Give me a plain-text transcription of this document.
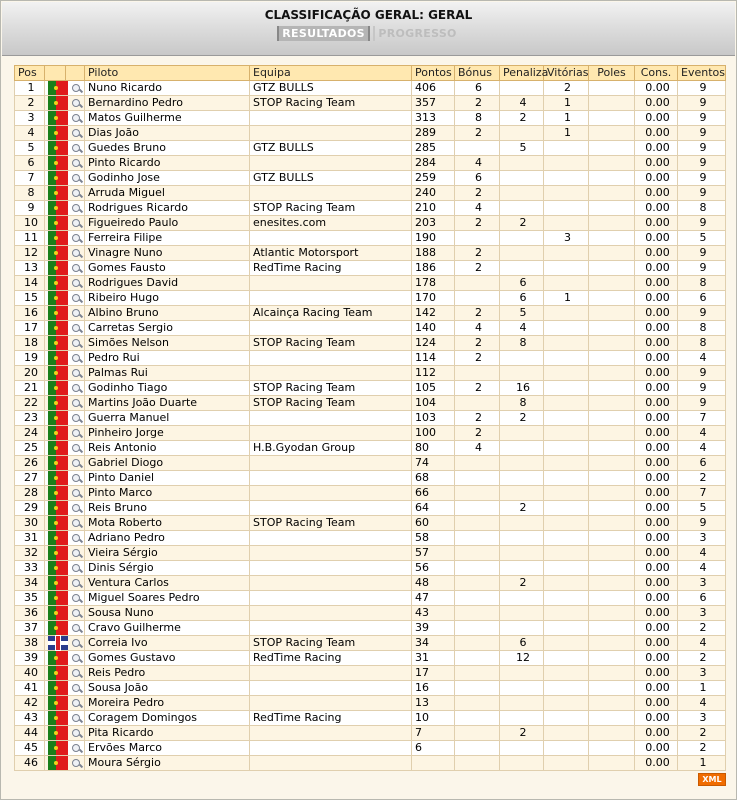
CLASSIFICAÇÃO GERAL: GERAL
RESULTADOS PROGRESSO
Pos			Piloto	Equipa	Pontos	Bónus	Penaliza	Vitórias	Poles	Cons.	Eventos
1			Nuno Ricardo	GTZ BULLS	406	6		2		0.00	9
2			Bernardino Pedro	STOP Racing Team	357	2	4	1		0.00	9
3			Matos Guilherme		313	8	2	1		0.00	9
4			Dias João		289	2		1		0.00	9
5			Guedes Bruno	GTZ BULLS	285		5			0.00	9
6			Pinto Ricardo		284	4				0.00	9
7			Godinho Jose	GTZ BULLS	259	6				0.00	9
8			Arruda Miguel		240	2				0.00	9
9			Rodrigues Ricardo	STOP Racing Team	210	4				0.00	8
10			Figueiredo Paulo	enesites.com	203	2	2			0.00	9
11			Ferreira Filipe		190			3		0.00	5
12			Vinagre Nuno	Atlantic Motorsport	188	2				0.00	9
13			Gomes Fausto	RedTime Racing	186	2				0.00	9
14			Rodrigues David		178		6			0.00	8
15			Ribeiro Hugo		170		6	1		0.00	6
16			Albino Bruno	Alcainça Racing Team	142	2	5			0.00	9
17			Carretas Sergio		140	4	4			0.00	8
18			Simões Nelson	STOP Racing Team	124	2	8			0.00	8
19			Pedro Rui		114	2				0.00	4
20			Palmas Rui		112					0.00	9
21			Godinho Tiago	STOP Racing Team	105	2	16			0.00	9
22			Martins João Duarte	STOP Racing Team	104		8			0.00	9
23			Guerra Manuel		103	2	2			0.00	7
24			Pinheiro Jorge		100	2				0.00	4
25			Reis Antonio	H.B.Gyodan Group	80	4				0.00	4
26			Gabriel Diogo		74					0.00	6
27			Pinto Daniel		68					0.00	2
28			Pinto Marco		66					0.00	7
29			Reis Bruno		64		2			0.00	5
30			Mota Roberto	STOP Racing Team	60					0.00	9
31			Adriano Pedro		58					0.00	3
32			Vieira Sérgio		57					0.00	4
33			Dinis Sérgio		56					0.00	4
34			Ventura Carlos		48		2			0.00	3
35			Miguel Soares Pedro		47					0.00	6
36			Sousa Nuno		43					0.00	3
37			Cravo Guilherme		39					0.00	2
38			Correia Ivo	STOP Racing Team	34		6			0.00	4
39			Gomes Gustavo	RedTime Racing	31		12			0.00	2
40			Reis Pedro		17					0.00	3
41			Sousa João		16					0.00	1
42			Moreira Pedro		13					0.00	4
43			Coragem Domingos	RedTime Racing	10					0.00	3
44			Pita Ricardo		7		2			0.00	2
45			Ervões Marco		6					0.00	2
46			Moura Sérgio							0.00	1
XML
